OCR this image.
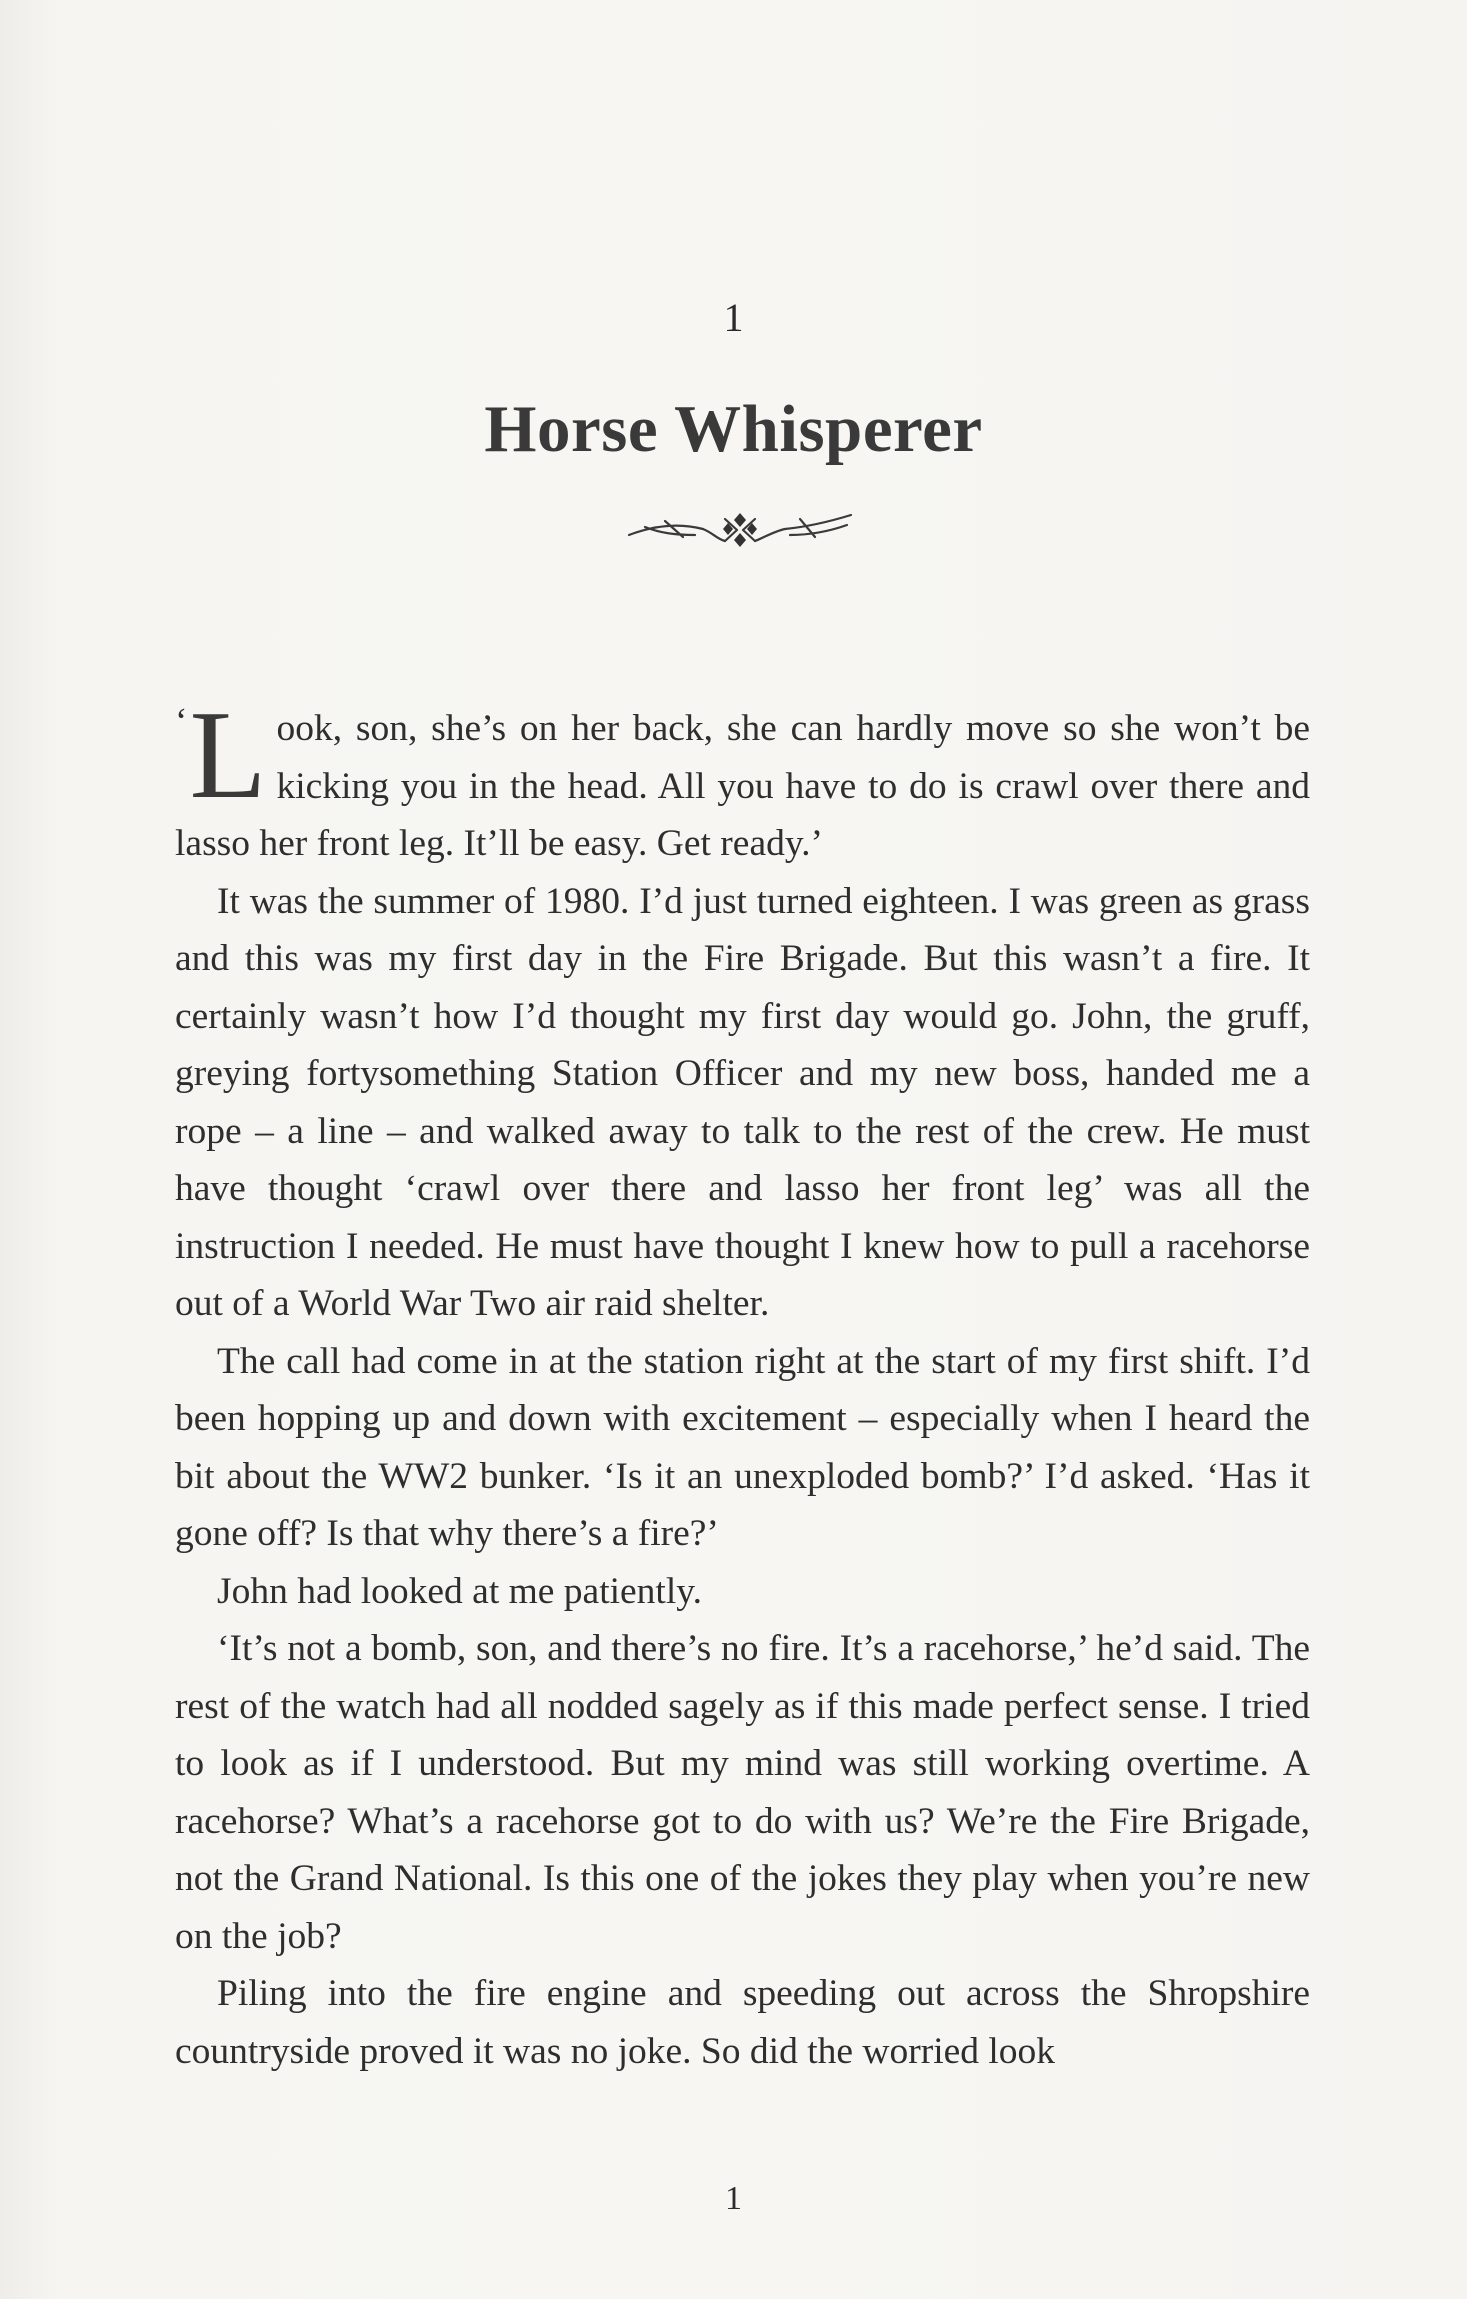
1
Horse Whisperer

‘ L ook, son, she’s on her back, she can hardly move so she won’t be kicking you in the head. All you have to do is crawl over there and lasso her front leg. It’ll be easy. Get ready.’

It was the summer of 1980. I’d just turned eighteen. I was green as grass and this was my first day in the Fire Brigade. But this wasn’t a fire. It certainly wasn’t how I’d thought my first day would go. John, the gruff, greying fortysomething Station Officer and my new boss, handed me a rope – a line – and walked away to talk to the rest of the crew. He must have thought ‘crawl over there and lasso her front leg’ was all the instruction I needed. He must have thought I knew how to pull a racehorse out of a World War Two air raid shelter.

The call had come in at the station right at the start of my first shift. I’d been hopping up and down with excitement – especially when I heard the bit about the WW2 bunker. ‘Is it an unexploded bomb?’ I’d asked. ‘Has it gone off? Is that why there’s a fire?’

John had looked at me patiently.

‘It’s not a bomb, son, and there’s no fire. It’s a racehorse,’ he’d said. The rest of the watch had all nodded sagely as if this made perfect sense. I tried to look as if I understood. But my mind was still working overtime. A racehorse? What’s a racehorse got to do with us? We’re the Fire Brigade, not the Grand National. Is this one of the jokes they play when you’re new on the job?

Piling into the fire engine and speeding out across the Shropshire countryside proved it was no joke. So did the worried look

1
